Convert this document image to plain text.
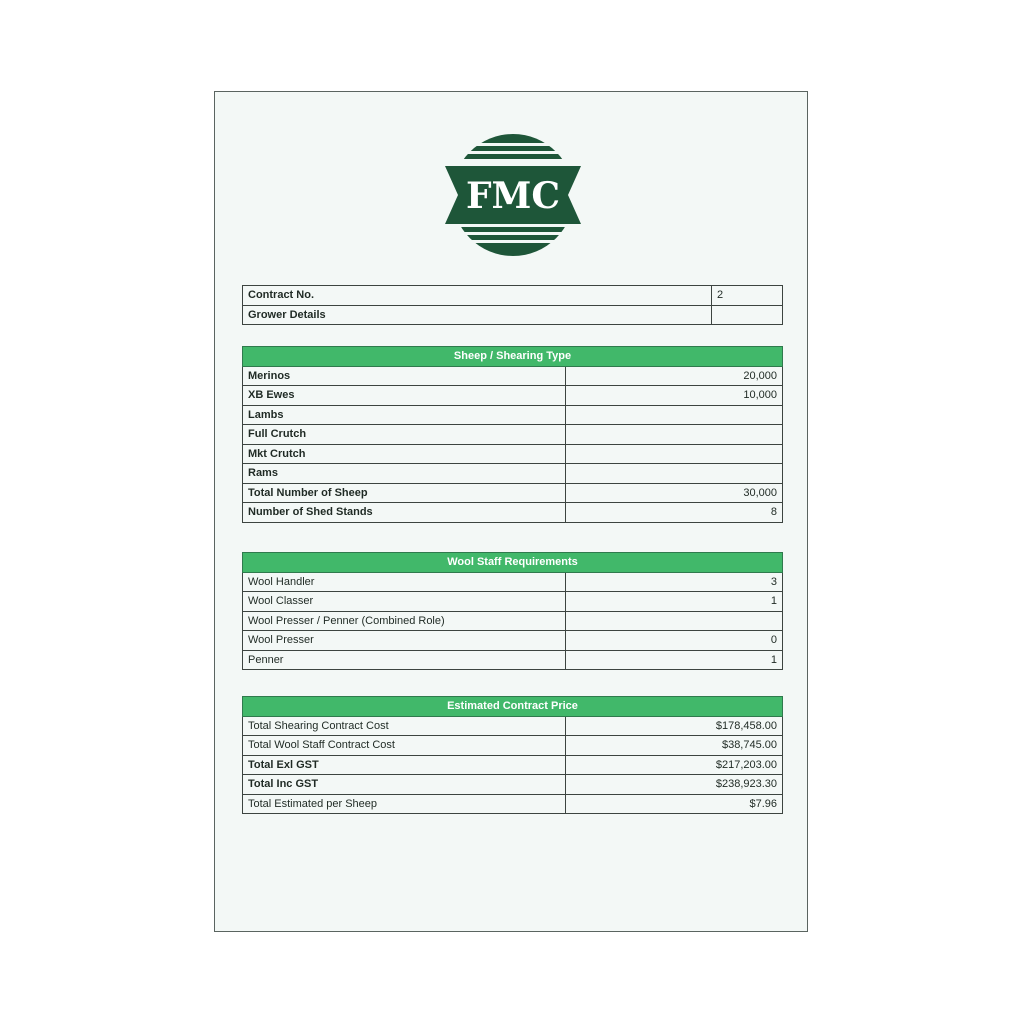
FMC
Contract No.	2
Grower Details	
Sheep / Shearing Type	
Merinos	20,000
XB Ewes	10,000
Lambs	
Full Crutch	
Mkt Crutch	
Rams	
Total Number of Sheep	30,000
Number of Shed Stands	8
Wool Staff Requirements	
Wool Handler	3
Wool Classer	1
Wool Presser / Penner (Combined Role)	
Wool Presser	0
Penner	1
Estimated Contract Price	
Total Shearing Contract Cost	$178,458.00
Total Wool Staff Contract Cost	$38,745.00
Total Exl GST	$217,203.00
Total Inc GST	$238,923.30
Total Estimated per Sheep	$7.96
